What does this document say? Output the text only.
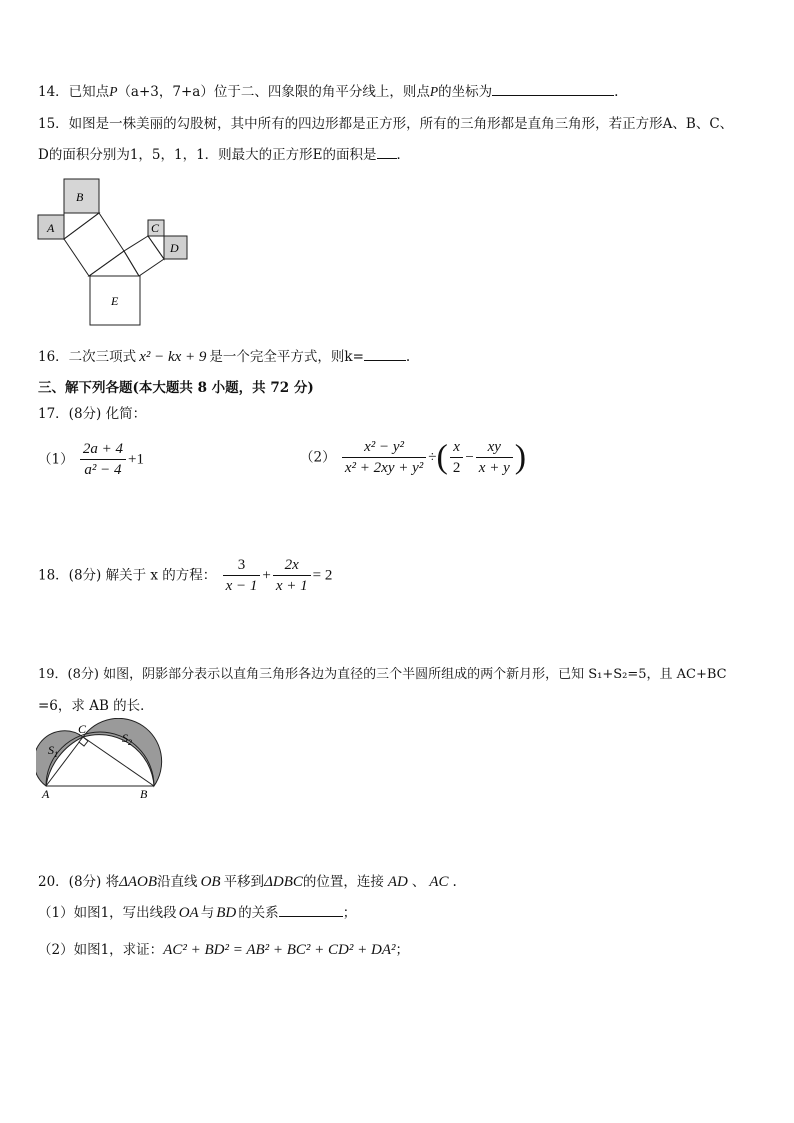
14．已知点P（a+3，7+a）位于二、四象限的角平分线上，则点P的坐标为	.
15．如图是一株美丽的勾股树，其中所有的四边形都是正方形，所有的三角形都是直角三角形，若正方形A、B、C、
D的面积分别为1，5，1，1．则最大的正方形E的面积是 ．
A
B
C
D
E
16．二次三项式 x² − kx + 9 是一个完全平方式，则k=	.
三、解下列各题(本大题共 8 小题，共 72 分)
17．(8分) 化简：
$(1) \frac{2a + 4}{\text{a² − 4}} +1$	$(2) \frac{\text{x² − y²}}{\text{x² + 2xy + y²}}$ ÷( $\frac{x}{2} - \frac{xy}{x + y}$ )
18．(8分) 解关于 x 的方程： $\frac{3}{x - 1} + \frac{2x}{x + 1} = 2$
19．(8分) 如图，阴影部分表示以直角三角形各边为直径的三个半圆所组成的两个新月形，已知 S₁+S₂=5，且 AC+BC
=6，求 AB 的长．
A	B
C
$S_1$
$S_2$
20．(8分) 将ΔAOB沿直线 OB 平移到ΔDBC的位置，连接 AD 、 AC .
（1）如图1，写出线段 OA 与 BD 的关系	；
（2）如图1，求证：AC² + BD² = AB² + BC² + CD² + DA²；
